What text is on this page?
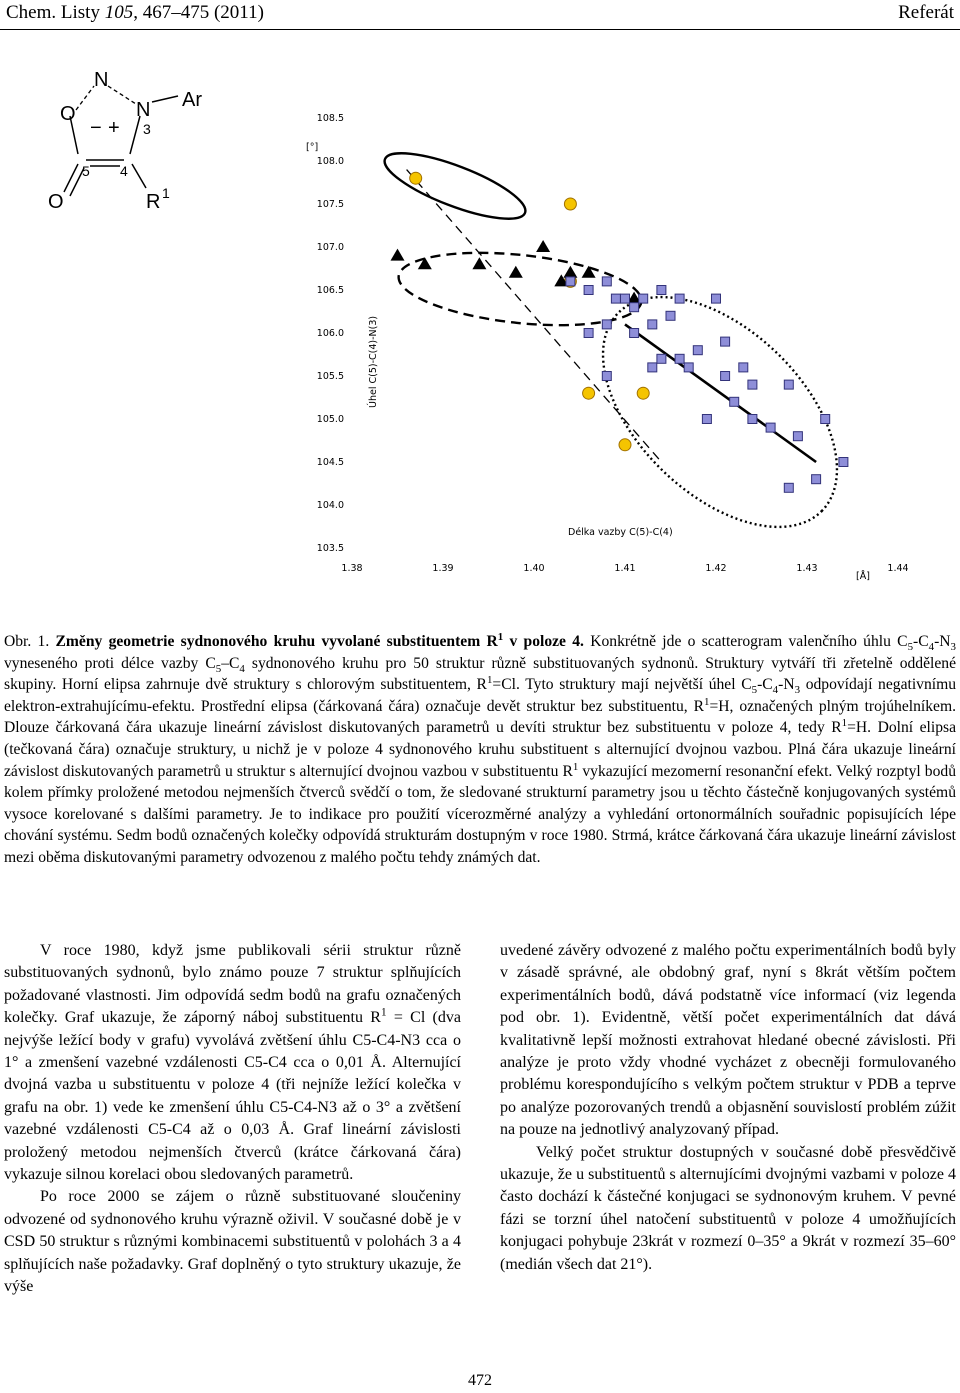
Chem. Listy 105, 467–475 (2011)	Referát
O
N
N Ar
O	R
3
5 4
1
+
−
[°]
Úhel C(5)-C(4)-N(3)
Délka vazby C(5)-C(4)
[Å]
103.5
104.0
104.5
105.0
105.5
106.0
106.5
107.0
107.5
108.0
108.5
1.38	1.39	1.40	1.41	1.42	1.43	1.44

Obr. 1. Změny geometrie sydnonového kruhu vyvolané substituentem $R^1$ v poloze 4. Konkrétně jde o scatterogram valenčního úhlu $C_5-C_4-N_3$ vyneseného proti délce vazby $C_5-C_4$ sydnonového kruhu pro 50 struktur různě substituovaných sydnonů. Struktury vytváří tři zřetelně oddělené skupiny. Horní elipsa zahrnuje dvě struktury s chlorovým substituentem, $R^1=Cl$. Tyto struktury mají největší úhel $C_5-C_4-N_3$ odpovídají negativnímu elektron-extrahujícímu-efektu. Prostřední elipsa (čárkovaná čára) označuje devět struktur bez substituentu, $R^1=H$, označených plným trojúhelníkem. Dlouze čárkovaná čára ukazuje lineární závislost diskutovaných parametrů u devíti struktur bez substituentu v poloze 4, tedy $R^1=H$. Dolní elipsa (tečkovaná čára) označuje struktury, u nichž je v poloze 4 sydnonového kruhu substituent s alternující dvojnou vazbou. Plná čára ukazuje lineární závislost diskutovaných parametrů u struktur s alternující dvojnou vazbou v substituentu $R^1$ vykazující mezomerní resonanční efekt. Velký rozptyl bodů kolem přímky proložené metodou nejmenších čtverců svědčí o tom, že sledované strukturní parametry jsou u těchto částečně konjugovaných systémů vysoce korelované s dalšími parametry. Je to indikace pro použití vícerozměrné analýzy a vyhledání ortonormálních souřadnic popisujících lépe chování systému. Sedm bodů označených kolečky odpovídá strukturám dostupným v roce 1980. Strmá, krátce čárkovaná čára ukazuje lineární závislost mezi oběma diskutovanými parametry odvozenou z malého počtu tehdy známých dat.

V roce 1980, když jsme publikovali sérii struktur různě substituovaných sydnonů, bylo známo pouze 7 struktur splňujících požadované vlastnosti. Jim odpovídá sedm bodů na grafu označených kolečky. Graf ukazuje, že záporný náboj substituentu $R^1 = Cl$ (dva nejvýše ležící body v grafu) vyvolává zvětšení úhlu C5-C4-N3 cca o 1° a zmenšení vazebné vzdálenosti C5-C4 cca o 0,01 Å. Alternující dvojná vazba u substituentu v poloze 4 (tři nejníže ležící kolečka v grafu na obr. 1) vede ke zmenšení úhlu C5-C4-N3 až o 3° a zvětšení vazebné vzdálenosti C5-C4 až o 0,03 Å. Graf lineární závislosti proložený metodou nejmenších čtverců (krátce čárkovaná čára) vykazuje silnou korelaci obou sledovaných parametrů.

Po roce 2000 se zájem o různě substituované sloučeniny odvozené od sydnonového kruhu výrazně oživil. V současné době je v CSD 50 struktur s různými kombinacemi substituentů v polohách 3 a 4 splňujících naše požadavky. Graf doplněný o tyto struktury ukazuje, že výše

uvedené závěry odvozené z malého počtu experimentálních bodů byly v zásadě správné, ale obdobný graf, nyní s 8krát větším počtem experimentálních bodů, dává podstatně více informací (viz legenda pod obr. 1). Evidentně, větší počet experimentálních dat dává kvalitativně lepší možnosti extrahovat hledané obecné závislosti. Při analýze je proto vždy vhodné vycházet z obecněji formulovaného problému korespondujícího s velkým počtem struktur v PDB a teprve po analýze pozorovaných trendů a objasnění souvislostí problém zúžit na pouze na jednotlivý analyzovaný případ.

Velký počet struktur dostupných v současné době přesvědčivě ukazuje, že u substituentů s alternujícími dvojnými vazbami v poloze 4 často dochází k částečné konjugaci se sydnonovým kruhem. V pevné fázi se torzní úhel natočení substituentů v poloze 4 umožňujících konjugaci pohybuje 23krát v rozmezí 0–35° a 9krát v rozmezí 35–60° (medián všech dat 21°).

472
